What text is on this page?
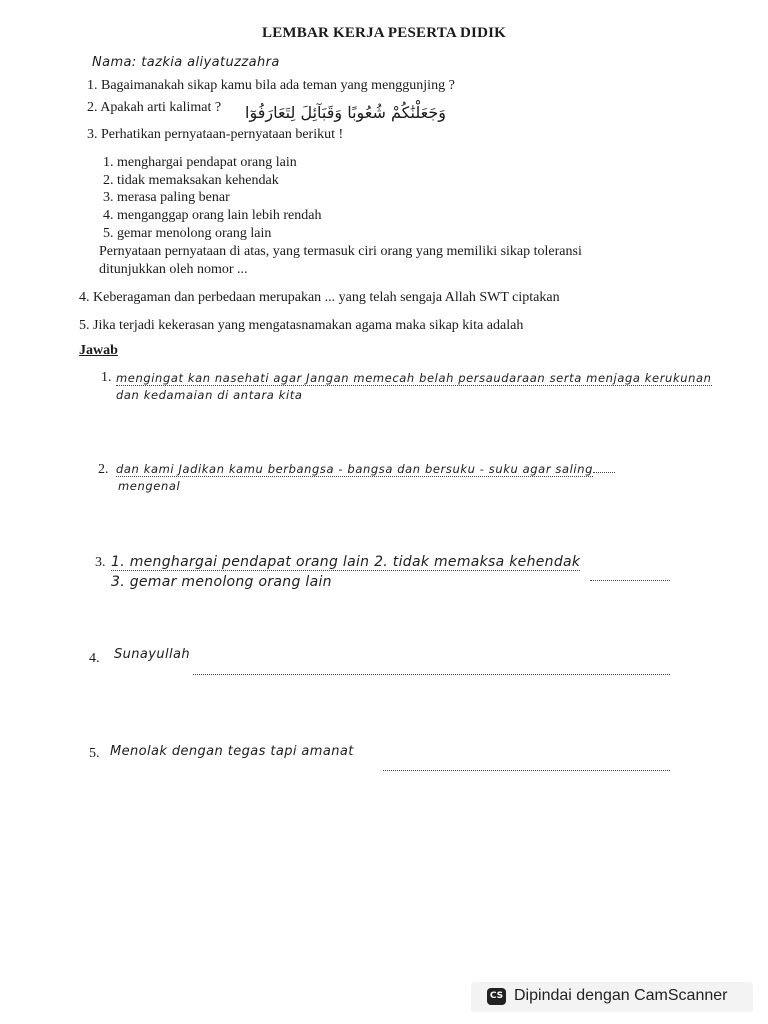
LEMBAR KERJA PESERTA DIDIK
Nama: tazkia aliyatuzzahra
1. Bagaimanakah sikap kamu bila ada teman yang menggunjing ?
2. Apakah arti kalimat ? وَجَعَلْنَٰكُمْ شُعُوبًا وَقَبَآئِلَ لِتَعَارَفُوٓا
3. Perhatikan pernyataan-pernyataan berikut !
1. menghargai pendapat orang lain
2. tidak memaksakan kehendak
3. merasa paling benar
4. menganggap orang lain lebih rendah
5. gemar menolong orang lain
Pernyataan pernyataan di atas, yang termasuk ciri orang yang memiliki sikap toleransi
ditunjukkan oleh nomor ...
4. Keberagaman dan perbedaan merupakan ... yang telah sengaja Allah SWT ciptakan
5. Jika terjadi kekerasan yang mengatasnamakan agama maka sikap kita adalah
Jawab
1. mengingat kan nasehati agar Jangan memecah belah persaudaraan serta menjaga kerukunan
dan kedamaian di antara kita
2. dan kami Jadikan kamu berbangsa - bangsa dan bersuku - suku agar saling
mengenal
3. 1. menghargai pendapat orang lain 2. tidak memaksa kehendak
3. gemar menolong orang lain
4. Sunayullah
5. Menolak dengan tegas tapi amanat
CS Dipindai dengan CamScanner
